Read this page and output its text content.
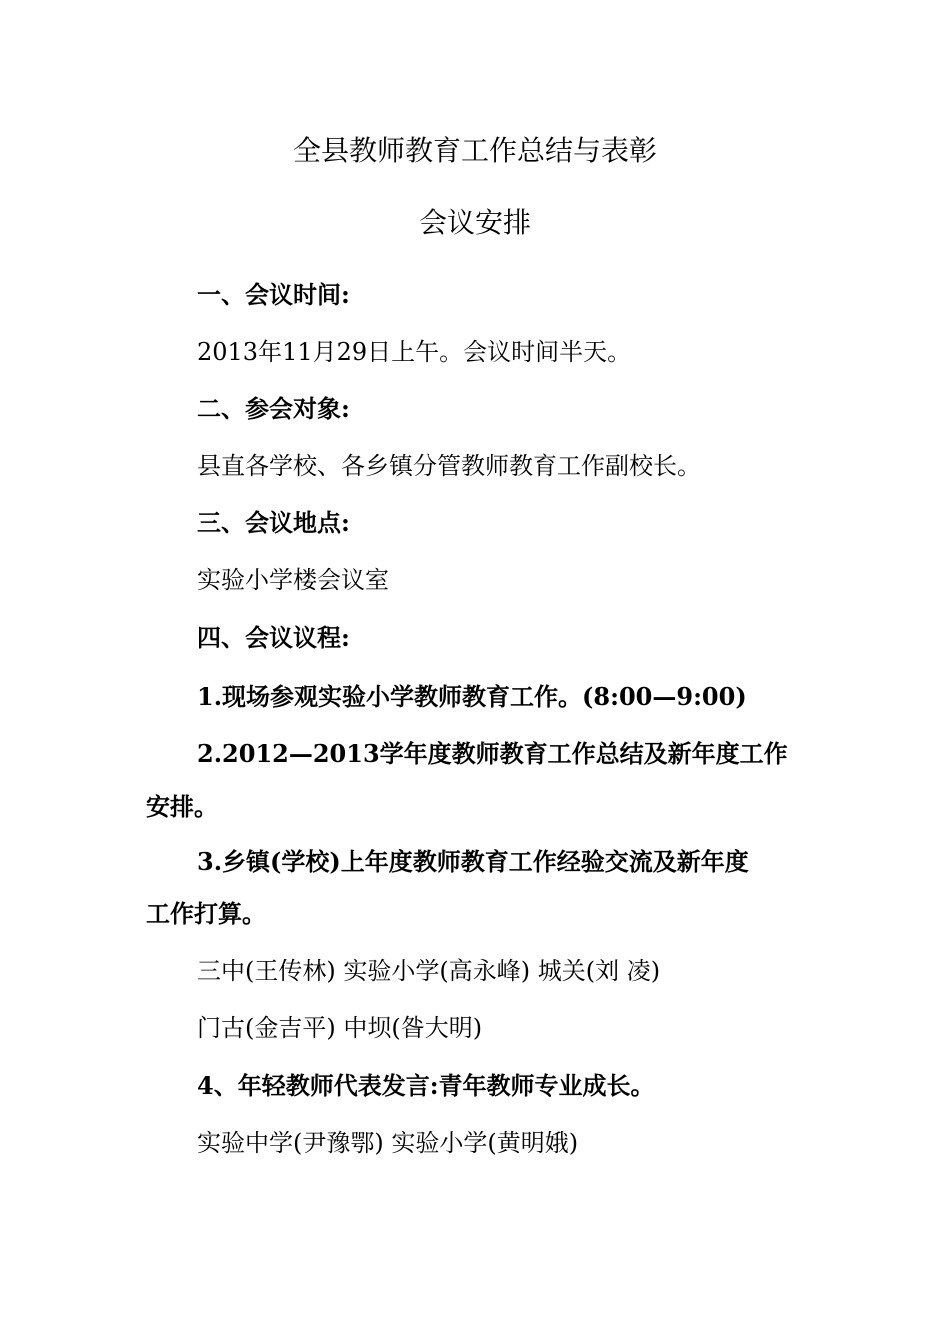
全县教师教育工作总结与表彰
会议安排
一、会议时间:
2013年11月29日上午。会议时间半天。
二、参会对象:
县直各学校、各乡镇分管教师教育工作副校长。
三、会议地点:
实验小学楼会议室
四、会议议程:
1.现场参观实验小学教师教育工作。(8:00—9:00)
2.2012—2013学年度教师教育工作总结及新年度工作
安排。
3.乡镇(学校)上年度教师教育工作经验交流及新年度
工作打算。
三中(王传林) 实验小学(高永峰) 城关(刘 凌)
门古(金吉平) 中坝(昝大明)
4、年轻教师代表发言:青年教师专业成长。
实验中学(尹豫鄂) 实验小学(黄明娥)
